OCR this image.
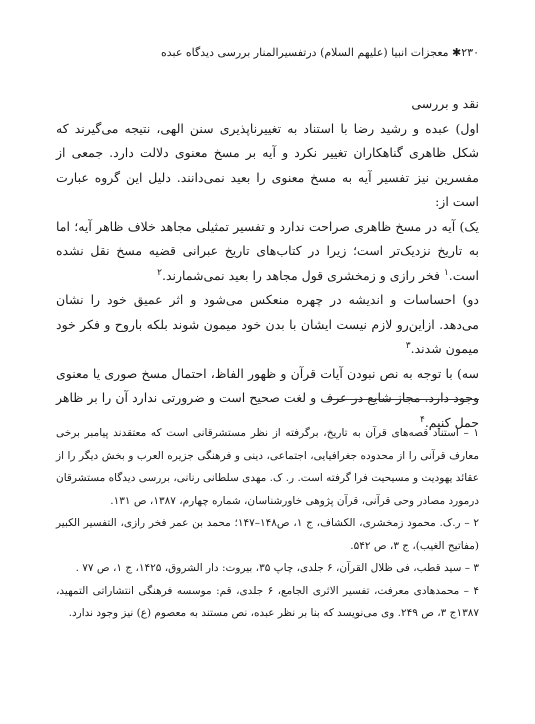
۲۳۰✱ معجزات انبیا (علیهم السلام) درتفسیرالمنار بررسی دیدگاه عبده

نقد و بررسی

اول) عبده و رشید رضا با استناد به تغییرناپذیری سنن الهی، نتیجه می‌گیرند که شکل ظاهری گناهکاران تغییر نکرد و آیه بر مسخ معنوی دلالت دارد. جمعی از مفسرین نیز تفسیر آیه به مسخ معنوی را بعید نمی‌دانند. دلیل این گروه عبارت است از:

یک) آیه در مسخ ظاهری صراحت ندارد و تفسیر تمثیلی مجاهد خلاف ظاهر آیه؛ اما به تاریخ نزدیک‌تر است؛ زیرا در کتاب‌های تاریخ عبرانی قضیه مسخ نقل نشده است.$^۱$ فخر رازی و زمخشری قول مجاهد را بعید نمی‌شمارند.$^۲$

دو) احساسات و اندیشه در چهره منعکس می‌شود و اثر عمیق خود را نشان می‌دهد. ازاین‌رو لازم نیست ایشان با بدن خود میمون شوند بلکه باروح و فکر خود میمون شدند.$^۳$

سه) با توجه به نص نبودن آیات قرآن و ظهور الفاظ، احتمال مسخ صوری یا معنوی وجود دارد. مجاز شایع در عرف و لغت صحیح است و ضرورتی ندارد آن را بر ظاهر حمل کنیم.$^۴$

۱ – استناد قصه‌های قرآن به تاریخ، برگرفته از نظر مستشرقانی است که معتقدند پیامبر برخی معارف قرآنی را از محدوده جغرافیایی، اجتماعی، دینی و فرهنگی جزیره العرب و بخش دیگر را از عقائد یهودیت و مسیحیت فرا گرفته است. ر. ک. مهدی سلطانی رنانی، بررسی دیدگاه مستشرقان درمورد مصادر وحی قرآنی، قرآن پژوهی خاورشناسان، شماره چهارم، ۱۳۸۷، ص ۱۳۱.

۲ – ر.ک. محمود زمخشری، الکشاف، ج ۱، ص۱۴۸–۱۴۷؛ محمد بن عمر فخر رازی، التفسیر الکبیر (مفاتیح الغیب)، ج ۳، ص ۵۴۲.

۳ – سید قطب، فی ظلال القرآن، ۶ جلدی، چاپ ۳۵، بیروت: دار الشروق، ۱۴۲۵، ج ۱، ص ۷۷ .

۴ – محمدهادی معرفت، تفسیر الاثری الجامع، ۶ جلدی، قم: موسسه فرهنگی انتشاراتی التمهید، ۱۳۸۷ج ۳، ص ۲۴۹. وی می‌نویسد که بنا بر نظر عبده، نص مستند به معصوم (ع) نیز وجود ندارد.
